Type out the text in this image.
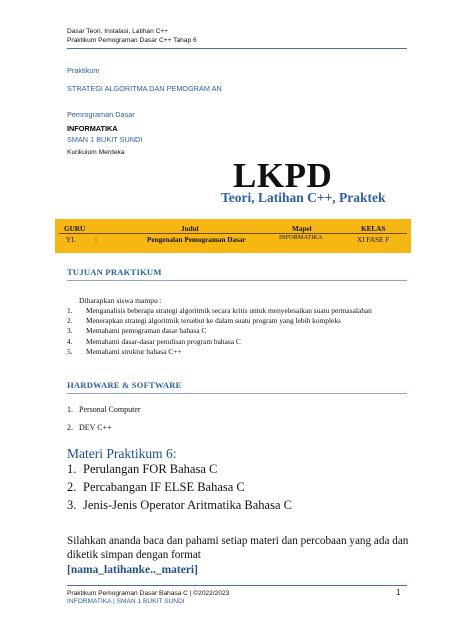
Dasar Teori, Instalasi, Latihan C++
Praktikum Pemograman Dasar C++ Tahap 6
Praktikum
STRATEGI ALGORITMA DAN PEMOGRAM AN
Pemrograman Dasar
INFORMATIKA
SMAN 1 BUKIT SUNDI
Kurikulum Merdeka
LKPD
Teori, Latihan C++, Praktek
GURU	Judul	Mapel	KELAS
YL	:	Pengenalan Pemograman Dasar	INFORMATIKA	XI FASE F
TUJUAN PRAKTIKUM
Diharapkan siswa mampu :
1. Menganalisis beberapa strategi algoritmik secara kritis untuk menyelesaikan suatu permasalahan
2. Menerapkan strategi algoritmik tersebut ke dalam suatu program yang lebih kompleks
3. Memahami pemograman dasar bahasa C
4. Memahami dasar-dasar penulisan program bahasa C
5. Memahami struktur bahasa C++
HARDWARE & SOFTWARE
1. Personal Computer
2. DEV C++
Materi Praktikum 6:
1. Perulangan FOR Bahasa C
2. Percabangan IF ELSE Bahasa C
3. Jenis-Jenis Operator Aritmatika Bahasa C
Silahkan ananda baca dan pahami setiap materi dan percobaan yang ada dan diketik simpan dengan format
[nama_latihanke.._materi]
Praktikum Pemograman Dasar Bahasa C | ©2022/2023
INFORMATIKA | SMAN 1 BUKIT SUNDI
1
